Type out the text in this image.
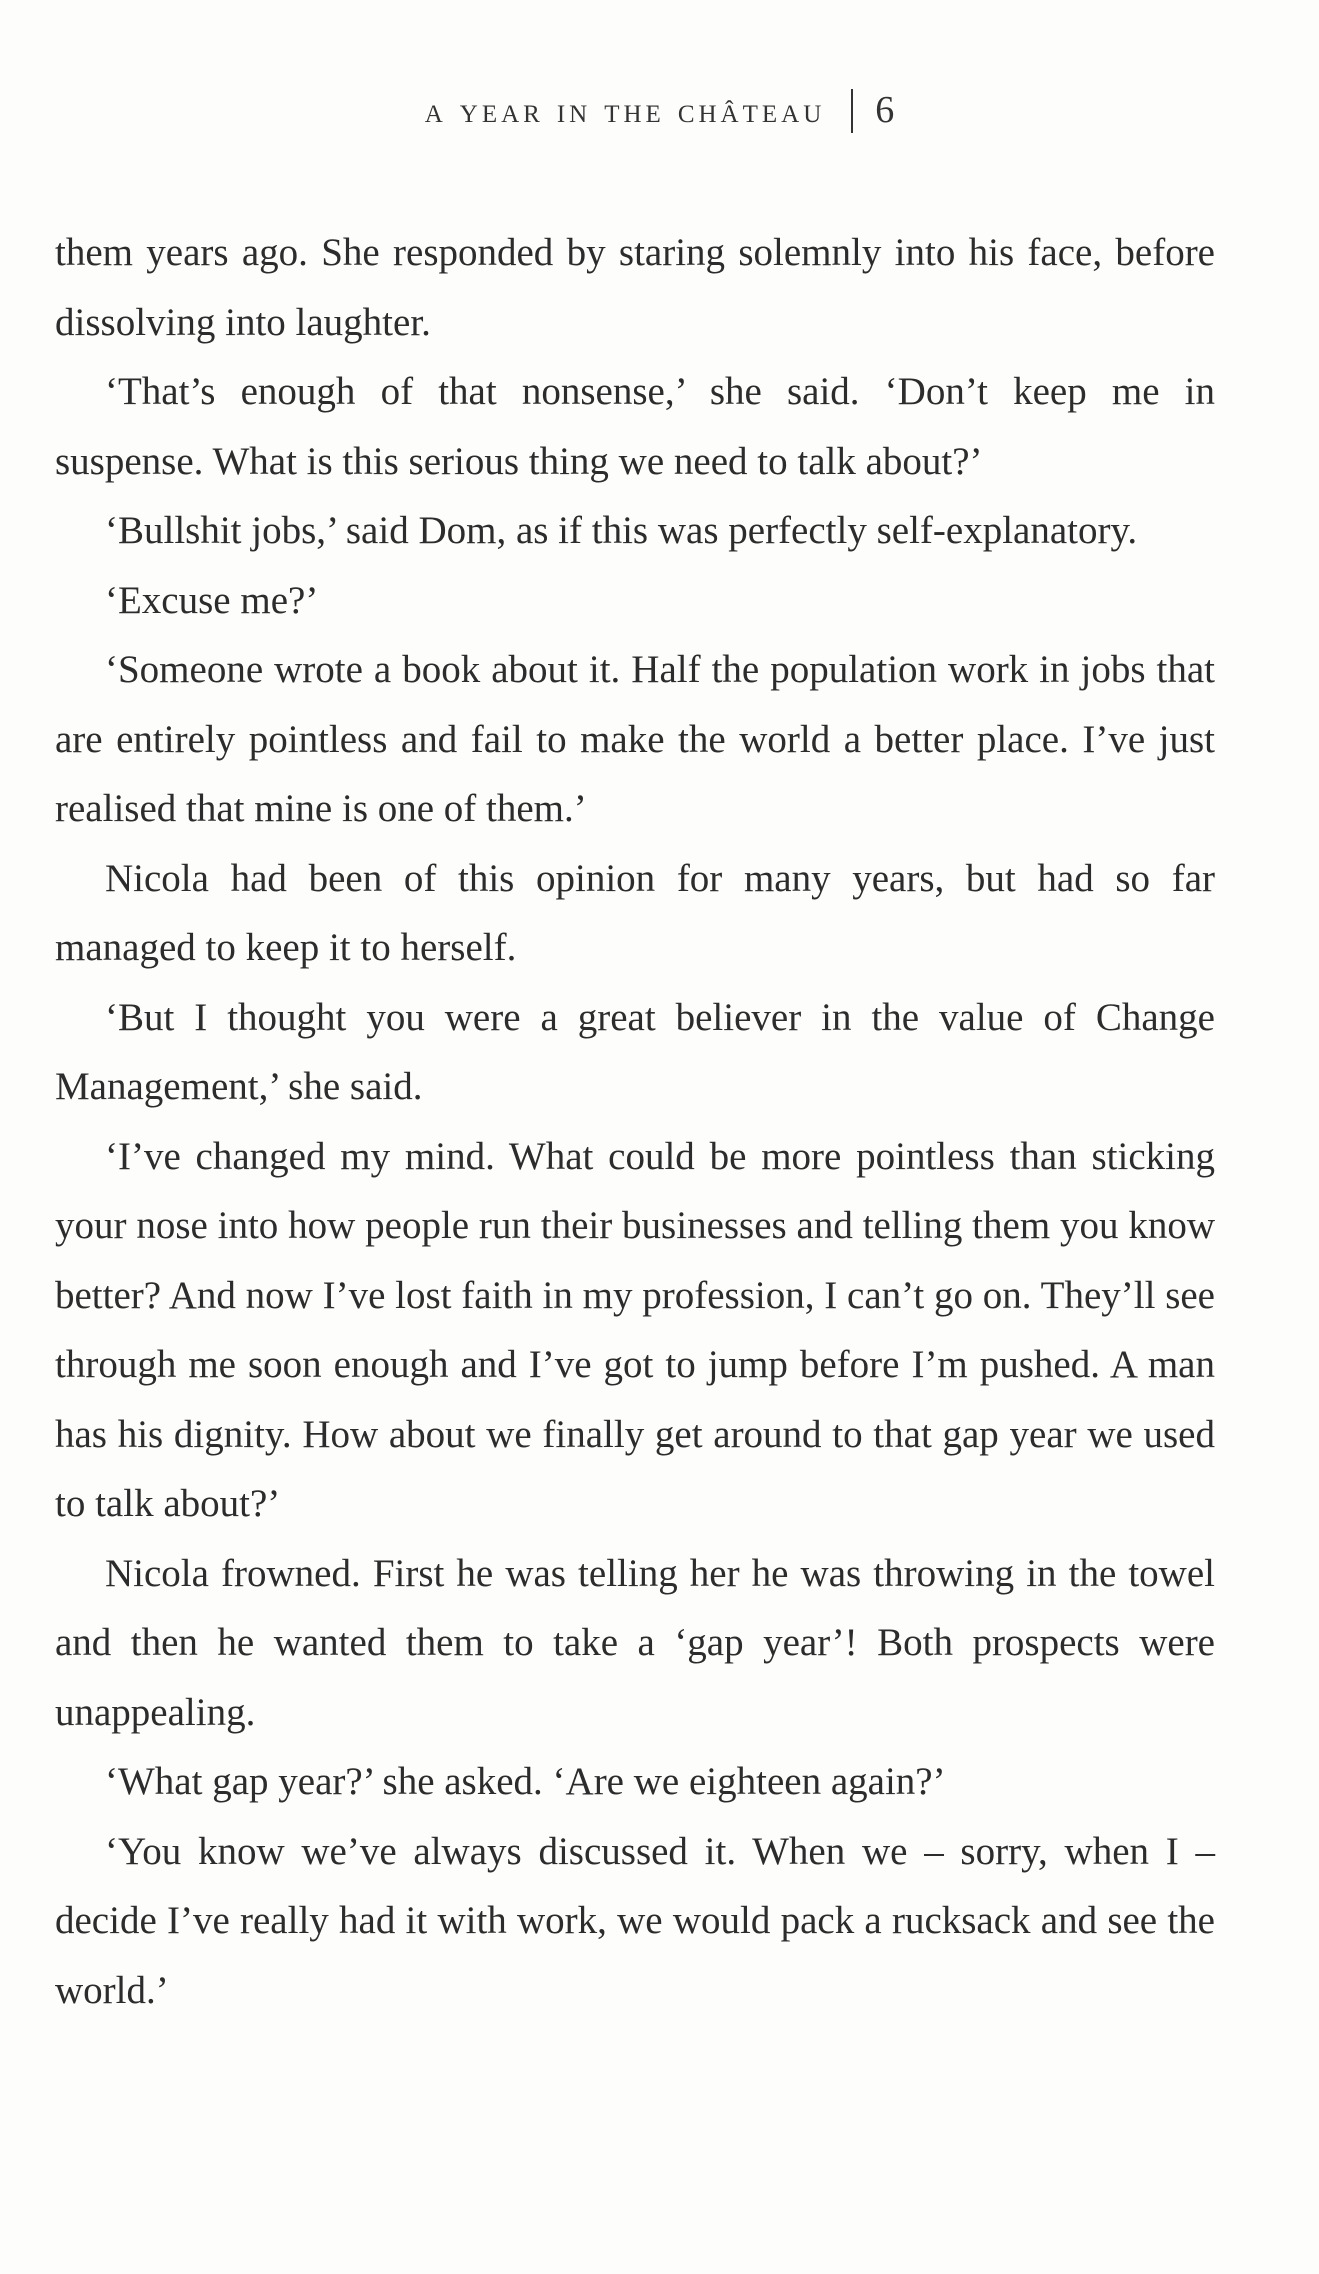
a year in the château 6

them years ago. She responded by staring solemnly into his face, before dissolving into laughter.

‘That’s enough of that nonsense,’ she said. ‘Don’t keep me in suspense. What is this serious thing we need to talk about?’

‘Bullshit jobs,’ said Dom, as if this was perfectly self-explanatory.

‘Excuse me?’

‘Someone wrote a book about it. Half the population work in jobs that are entirely pointless and fail to make the world a better place. I’ve just realised that mine is one of them.’

Nicola had been of this opinion for many years, but had so far managed to keep it to herself.

‘But I thought you were a great believer in the value of Change Management,’ she said.

‘I’ve changed my mind. What could be more pointless than sticking your nose into how people run their businesses and telling them you know better? And now I’ve lost faith in my profession, I can’t go on. They’ll see through me soon enough and I’ve got to jump before I’m pushed. A man has his dignity. How about we finally get around to that gap year we used to talk about?’

Nicola frowned. First he was telling her he was throwing in the towel and then he wanted them to take a ‘gap year’! Both prospects were unappealing.

‘What gap year?’ she asked. ‘Are we eighteen again?’

‘You know we’ve always discussed it. When we – sorry, when I – decide I’ve really had it with work, we would pack a rucksack and see the world.’
